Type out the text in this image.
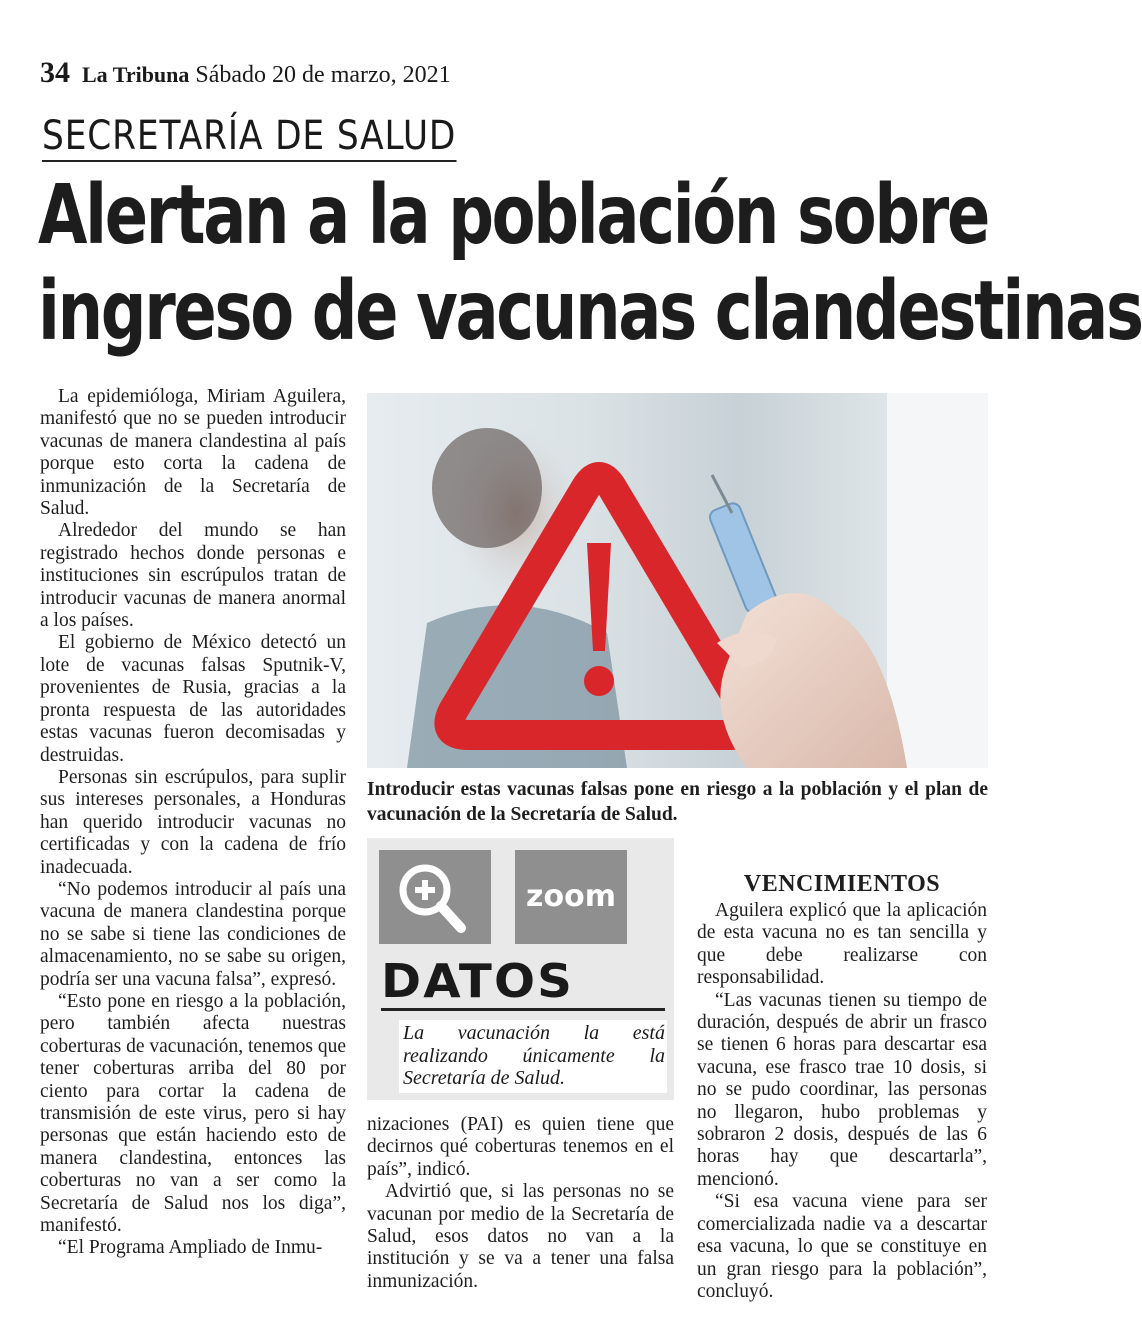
34 La Tribuna Sábado 20 de marzo, 2021
SECRETARÍA DE SALUD
Alertan a la población sobre
ingreso de vacunas clandestinas

La epidemióloga, Miriam Aguilera, manifestó que no se pueden introducir vacunas de manera clandestina al país porque esto corta la cadena de inmunización de la Secretaría de Salud.

Alrededor del mundo se han registrado hechos donde personas e instituciones sin escrúpulos tratan de introducir vacunas de manera anormal a los países.

El gobierno de México detectó un lote de vacunas falsas Sputnik-V, provenientes de Rusia, gracias a la pronta respuesta de las autoridades estas vacunas fueron decomisadas y destruidas.

Personas sin escrúpulos, para suplir sus intereses personales, a Honduras han querido introducir vacunas no certificadas y con la cadena de frío inadecuada.

“No podemos introducir al país una vacuna de manera clandestina porque no se sabe si tiene las condiciones de almacenamiento, no se sabe su origen, podría ser una vacuna falsa”, expresó.

“Esto pone en riesgo a la población, pero también afecta nuestras coberturas de vacunación, tenemos que tener coberturas arriba del 80 por ciento para cortar la cadena de transmisión de este virus, pero si hay personas que están haciendo esto de manera clandestina, entonces las coberturas no van a ser como la Secretaría de Salud nos los diga”, manifestó.

“El Programa Ampliado de Inmu-

Introducir estas vacunas falsas pone en riesgo a la población y el plan de vacunación de la Secretaría de Salud.
zoom
DATOS
La vacunación la está realizando únicamente la Secretaría de Salud.

nizaciones (PAI) es quien tiene que decirnos qué coberturas tenemos en el país”, indicó.

Advirtió que, si las personas no se vacunan por medio de la Secretaría de Salud, esos datos no van a la institución y se va a tener una falsa inmunización.

VENCIMIENTOS

Aguilera explicó que la aplicación de esta vacuna no es tan sencilla y que debe realizarse con responsabilidad.

“Las vacunas tienen su tiempo de duración, después de abrir un frasco se tienen 6 horas para descartar esa vacuna, ese frasco trae 10 dosis, si no se pudo coordinar, las personas no llegaron, hubo problemas y sobraron 2 dosis, después de las 6 horas hay que descartarla”, mencionó.

“Si esa vacuna viene para ser comercializada nadie va a descartar esa vacuna, lo que se constituye en un gran riesgo para la población”, concluyó.
